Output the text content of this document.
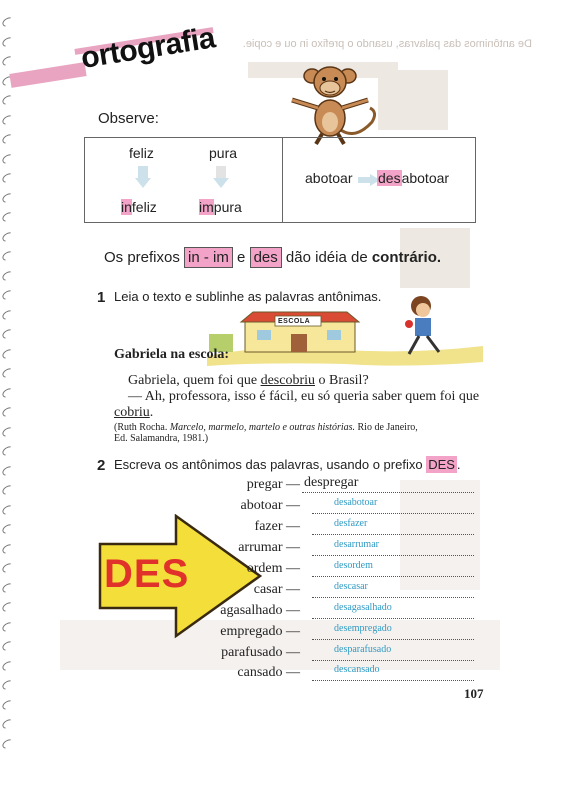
De antônimos das palavras, usando o prefixo in ou e copie.
ortografia
Observe:
feliz	pura
infeliz	impura
abotoar desabotoar
Os prefixos in - im e des dão idéia de contrário.
1 Leia o texto e sublinhe as palavras antônimas.
ESCOLA
Gabriela na escola:
Gabriela, quem foi que descobriu o Brasil?
— Ah, professora, isso é fácil, eu só queria saber quem foi que
cobriu.
(Ruth Rocha. Marcelo, marmelo, martelo e outras histórias. Rio de Janeiro,
Ed. Salamandra, 1981.)
2 Escreva os antônimos das palavras, usando o prefixo DES .
DES
pregar — despregar
abotoar —	desabotoar
fazer —	desfazer
arrumar —	desarrumar
ordem —	desordem
casar —	descasar
agasalhado —	desagasalhado
empregado —	desempregado
parafusado —	desparafusado
cansado —	descansado
107
